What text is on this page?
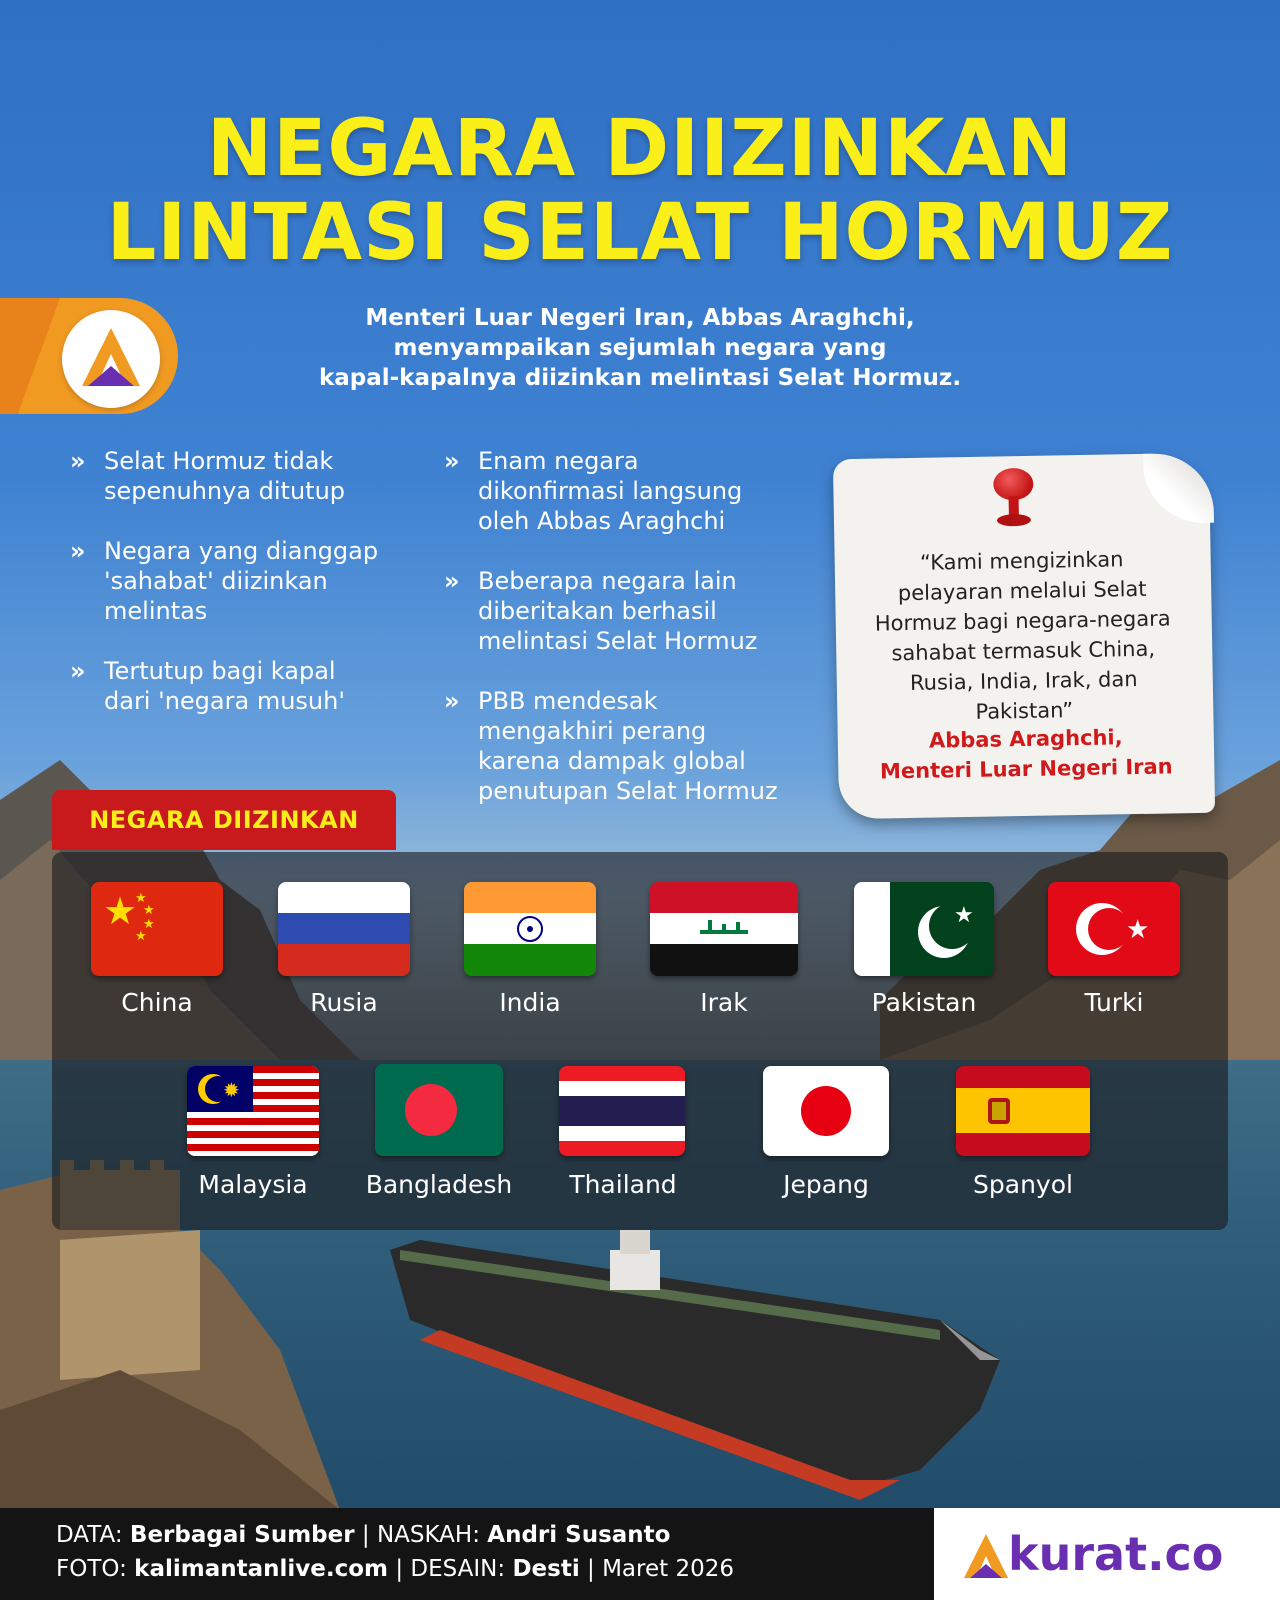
NEGARA DIIZINKAN
LINTASI SELAT HORMUZ
Menteri Luar Negeri Iran, Abbas Araghchi,
menyampaikan sejumlah negara yang
kapal-kapalnya diizinkan melintasi Selat Hormuz.
» Selat Hormuz tidak
sepenuhnya ditutup
» Negara yang dianggap
'sahabat' diizinkan
melintas
» Tertutup bagi kapal
dari 'negara musuh'
» Enam negara
dikonfirmasi langsung
oleh Abbas Araghchi
» Beberapa negara lain
diberitakan berhasil
melintasi Selat Hormuz
» PBB mendesak
mengakhiri perang
karena dampak global
penutupan Selat Hormuz
“Kami mengizinkan
pelayaran melalui Selat
Hormuz bagi negara-negara
sahabat termasuk China,
Rusia, India, Irak, dan
Pakistan”
Abbas Araghchi,
Menteri Luar Negeri Iran
NEGARA DIIZINKAN
★
★
★
★
★
★	★
China	Rusia	India	Irak	Pakistan	Turki
✹
Malaysia	Bangladesh	Thailand	Jepang	Spanyol
DATA: Berbagai Sumber | NASKAH: Andri Susanto
FOTO: kalimantanlive.com | DESAIN: Desti | Maret 2026	kurat.co
